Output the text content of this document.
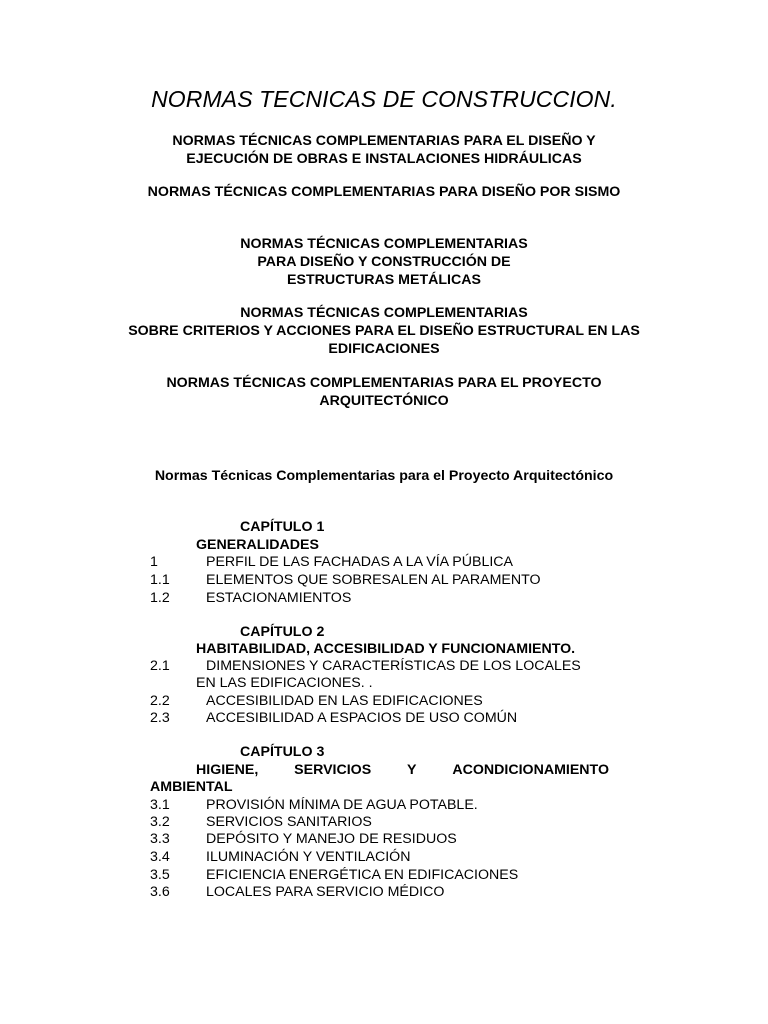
NORMAS TECNICAS DE CONSTRUCCION.
NORMAS TÉCNICAS COMPLEMENTARIAS PARA EL DISEÑO Y
EJECUCIÓN DE OBRAS E INSTALACIONES HIDRÁULICAS
NORMAS TÉCNICAS COMPLEMENTARIAS PARA DISEÑO POR SISMO
NORMAS TÉCNICAS COMPLEMENTARIAS
PARA DISEÑO Y CONSTRUCCIÓN DE
ESTRUCTURAS METÁLICAS
NORMAS TÉCNICAS COMPLEMENTARIAS
SOBRE CRITERIOS Y ACCIONES PARA EL DISEÑO ESTRUCTURAL EN LAS
EDIFICACIONES
NORMAS TÉCNICAS COMPLEMENTARIAS PARA EL PROYECTO
ARQUITECTÓNICO
Normas Técnicas Complementarias para el Proyecto Arquitectónico
CAPÍTULO 1
GENERALIDADES
1	PERFIL DE LAS FACHADAS A LA VÍA PÚBLICA
1.1	ELEMENTOS QUE SOBRESALEN AL PARAMENTO
1.2	ESTACIONAMIENTOS
CAPÍTULO 2
HABITABILIDAD, ACCESIBILIDAD Y FUNCIONAMIENTO.
2.1	DIMENSIONES Y CARACTERÍSTICAS DE LOS LOCALES
EN LAS EDIFICACIONES. .
2.2	ACCESIBILIDAD EN LAS EDIFICACIONES
2.3	ACCESIBILIDAD A ESPACIOS DE USO COMÚN
CAPÍTULO 3
HIGIENE,	SERVICIOS	Y	ACONDICIONAMIENTO
AMBIENTAL
3.1	PROVISIÓN MÍNIMA DE AGUA POTABLE.
3.2	SERVICIOS SANITARIOS
3.3	DEPÓSITO Y MANEJO DE RESIDUOS
3.4	ILUMINACIÓN Y VENTILACIÓN
3.5	EFICIENCIA ENERGÉTICA EN EDIFICACIONES
3.6	LOCALES PARA SERVICIO MÉDICO
